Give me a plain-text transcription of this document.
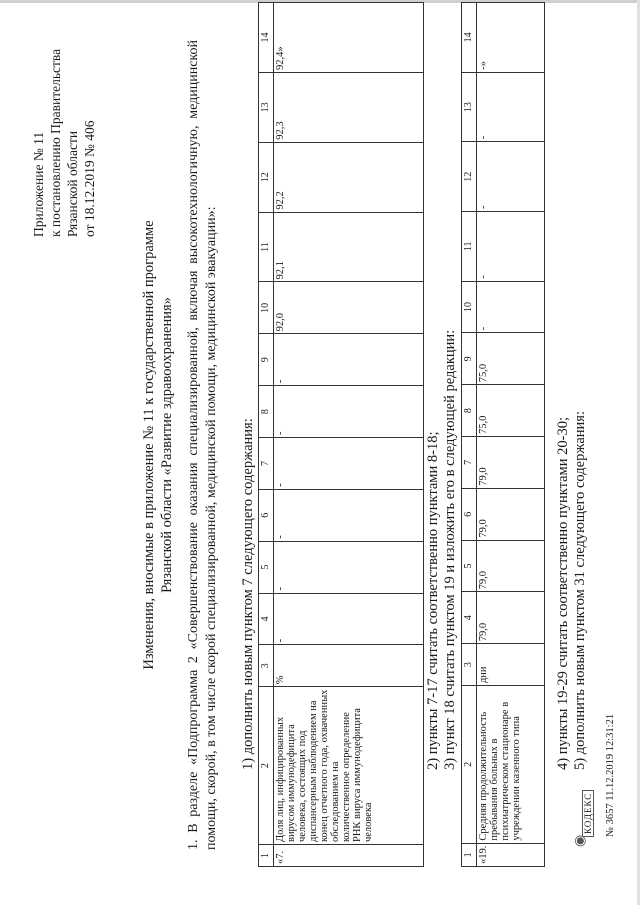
Приложение № 11 к постановлению Правительства Рязанской области от 18.12.2019 № 406
Изменения, вносимые в приложение № 11 к государственной программе Рязанской области «Развитие здравоохранения» 1. В разделе «Подпрограмма 2 «Совершенствование оказания специализированной, включая высокотехнологичную, медицинской помощи, скорой, в том числе скорой специализированной, медицинской помощи, медицинской эвакуации»: 1) дополнить новым пунктом 7 следующего содержания:
1	2	3	4	5	6	7	8	9	10	11	12	13	14
«7.	Доля лиц, инфицированных вирусом иммунодефицита человека, состоящих под диспансерным наблюдением на конец отчетного года, охваченных обследованием на количественное определение РНК вируса иммунодефицита человека	%	-	-	-	-	-	-	92,0	92,1	92,2	92,3	92,4»
2) пункты 7-17 считать соответственно пунктами 8-18; 3) пункт 18 считать пунктом 19 и изложить его в следующей редакции:
1	2	3	4	5	6	7	8	9	10	11	12	13	14
«19.	Средняя продолжительность пребывания больных в психиатрическом стационаре в учреждении казенного типа	дни	79,0	79,0	79,0	79,0	75,0	75,0	-	-	-	-	-»
4) пункты 19-29 считать соответственно пунктами 20-30; 5) дополнить новым пунктом 31 следующего содержания:
◉
КОДЕКС № 3657 11.12.2019 12:31:21
